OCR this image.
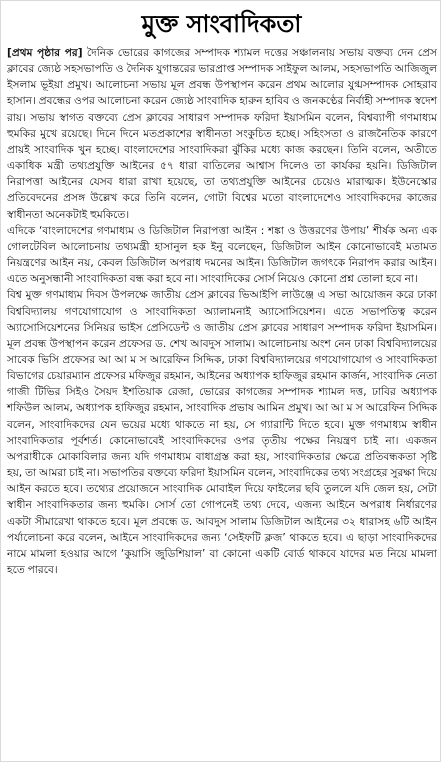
মুক্ত সাংবাদিকতা

[ প্রথম পৃষ্ঠার পর ] দৈনিক ভোরের কাগজের সম্পাদক শ্যামল দত্তের সঞ্চালনায় সভায় বক্তব্য দেন প্রেস ক্লাবের জ্যেষ্ঠ সহসভাপতি ও দৈনিক যুগান্তরের ভারপ্রাপ্ত সম্পাদক সাইফুল আলম, সহসভাপতি আজিজুল ইসলাম ভূইয়া প্রমুখ। আলোচনা সভায় মূল প্রবন্ধ উপস্থাপন করেন প্রথম আলোর যুগ্মসম্পাদক সোহরাব হাসান। প্রবন্ধের ওপর আলোচনা করেন জ্যেষ্ঠ সাংবাদিক হারুন হাবিব ও জনকণ্ঠের নির্বাহী সম্পাদক স্বদেশ রায়। সভায় স্বাগত বক্তব্যে প্রেস ক্লাবের সাধারণ সম্পাদক ফরিদা ইয়াসমিন বলেন, বিশ্বব্যাপী গণমাধ্যম হুমকির মুখে রয়েছে। দিনে দিনে মতপ্রকাশের স্বাধীনতা সংকুচিত হচ্ছে। সহিংসতা ও রাজনৈতিক কারণে প্রায়ই সাংবাদিক খুন হচ্ছে। বাংলাদেশের সাংবাদিকরা ঝুঁকির মধ্যে কাজ করছেন। তিনি বলেন, অতীতে একাধিক মন্ত্রী তথ্যপ্রযুক্তি আইনের ৫৭ ধারা বাতিলের আশ্বাস দিলেও তা কার্যকর হয়নি। ডিজিটাল নিরাপত্তা আইনের যেসব ধারা রাখা হয়েছে, তা তথ্যপ্রযুক্তি আইনের চেয়েও মারাত্মক। ইউনেস্কোর প্রতিবেদনের প্রসঙ্গ উল্লেখ করে তিনি বলেন, গোটা বিশ্বের মতো বাংলাদেশেও সাংবাদিকদের কাজের স্বাধীনতা অনেকটাই হুমকিতে।

এদিকে ‘বাংলাদেশের গণমাধ্যম ও ডিজিটাল নিরাপত্তা আইন : শঙ্কা ও উত্তরণের উপায়’ শীর্ষক অন্য এক গোলটেবিল আলোচনায় তথ্যমন্ত্রী হাসানুল হক ইনু বলেছেন, ডিজিটাল আইন কোনোভাবেই মতামত নিয়ন্ত্রণের আইন নয়, কেবল ডিজিটাল অপরাধ দমনের আইন। ডিজিটাল জগৎকে নিরাপদ করার আইন। এতে অনুসন্ধানী সাংবাদিকতা বন্ধ করা হবে না। সাংবাদিকের সোর্স নিয়েও কোনো প্রশ্ন তোলা হবে না।

বিশ্ব মুক্ত গণমাধ্যম দিবস উপলক্ষে জাতীয় প্রেস ক্লাবের ভিআইপি লাউঞ্জে এ সভা আয়োজন করে ঢাকা বিশ্ববিদ্যালয় গণযোগাযোগ ও সাংবাদিকতা অ্যালামনাই অ্যাসোসিয়েশন। এতে সভাপতিত্ব করেন অ্যাসোসিয়েশনের সিনিয়র ভাইস প্রেসিডেন্ট ও জাতীয় প্রেস ক্লাবের সাধারণ সম্পাদক ফরিদা ইয়াসমিন। মূল প্রবন্ধ উপস্থাপন করেন প্রফেসর ড. শেখ আবদুস সালাম। আলোচনায় অংশ নেন ঢাকা বিশ্ববিদ্যালয়ের সাবেক ভিসি প্রফেসর আ আ ম স আরেফিন সিদ্দিক, ঢাকা বিশ্ববিদ্যালয়ের গণযোগাযোগ ও সাংবাদিকতা বিভাগের চেয়ারম্যান প্রফেসর মফিজুর রহমান, আইনের অধ্যাপক হাফিজুর রহমান কার্জন, সাংবাদিক নেতা গাজী টিভির সিইও সৈয়দ ইশতিয়াক রেজা, ভোরের কাগজের সম্পাদক শ্যামল দত্ত, ঢাবির অধ্যাপক শফিউল আলম, অধ্যাপক হাফিজুর রহমান, সাংবাদিক প্রভাষ আমিন প্রমুখ। আ আ ম স আরেফিন সিদ্দিক বলেন, সাংবাদিকদের যেন ভয়ের মধ্যে থাকতে না হয়, সে গ্যারান্টি দিতে হবে। মুক্ত গণমাধ্যম স্বাধীন সাংবাদিকতার পূর্বশর্ত। কোনোভাবেই সাংবাদিকদের ওপর তৃতীয় পক্ষের নিয়ন্ত্রণ চাই না। একজন অপরাধীকে মোকাবিলার জন্য যদি গণমাধ্যম বাধাগ্রস্ত করা হয়, সাংবাদিকতার ক্ষেত্রে প্রতিবন্ধকতা সৃষ্টি হয়, তা আমরা চাই না। সভাপতির বক্তব্যে ফরিদা ইয়াসমিন বলেন, সাংবাদিকের তথ্য সংগ্রহের সুরক্ষা দিয়ে আইন করতে হবে। তথ্যের প্রয়োজনে সাংবাদিক মোবাইল দিয়ে ফাইলের ছবি তুললে যদি জেল হয়, সেটা স্বাধীন সাংবাদিকতার জন্য হুমকি। সোর্স তো গোপনেই তথ্য দেবে, এজন্য আইনে অপরাধ নির্ধারণের একটা সীমারেখা থাকতে হবে। মূল প্রবন্ধে ড. আবদুস সালাম ডিজিটাল আইনের ৩২ ধারাসহ ৬টি আইন পর্যালোচনা করে বলেন, আইনে সাংবাদিকদের জন্য ‘সেইফটি ক্লজ’ থাকতে হবে। এ ছাড়া সাংবাদিকদের নামে মামলা হওয়ার আগে ‘কুয়াসি জুডিশিয়াল’ বা কোনো একটি বোর্ড থাকবে যাদের মত নিয়ে মামলা হতে পারবে।
